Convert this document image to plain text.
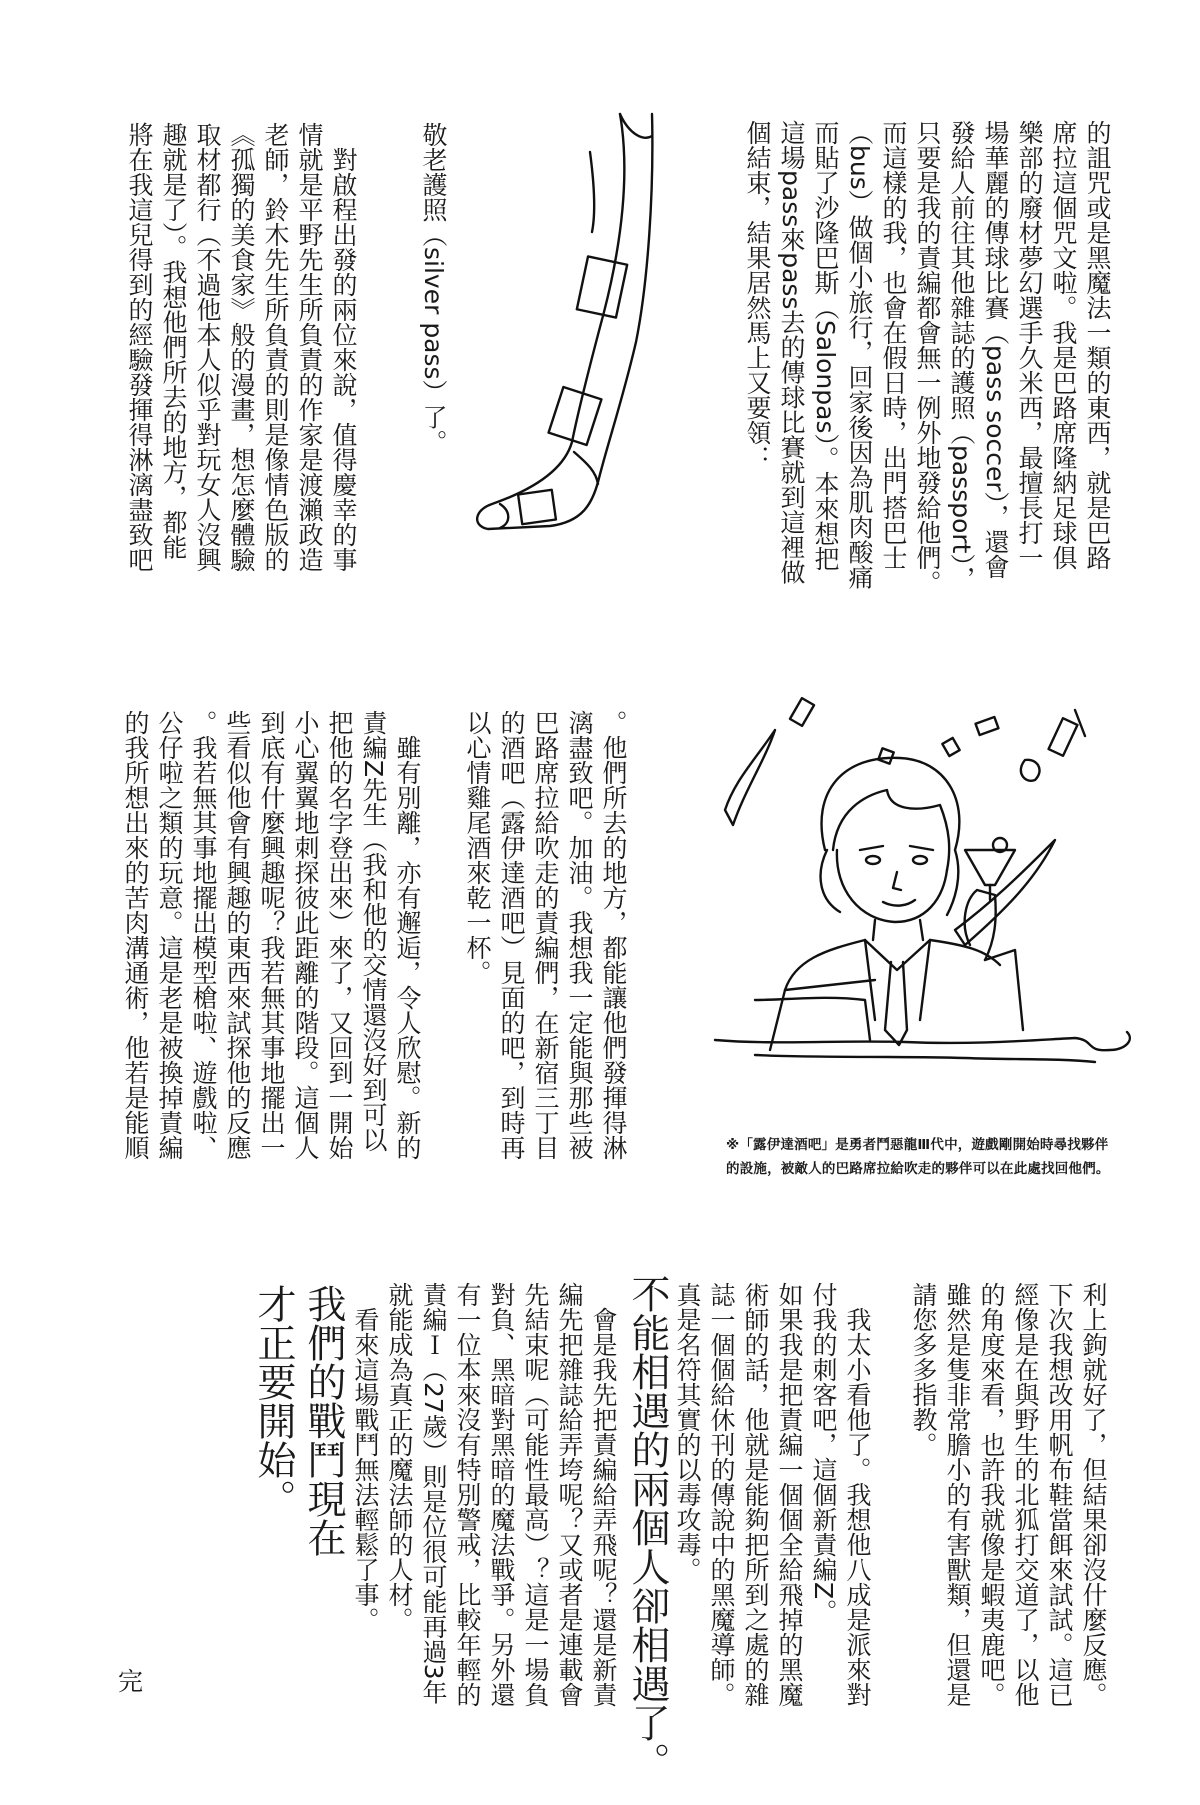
的詛咒或是黑魔法一類的東西，就是巴路
席拉這個咒文啦。我是巴路席隆納足球俱
樂部的廢材夢幻選手久米西，最擅長打一
場華麗的傳球比賽（pass soccer），還會
發給人前往其他雜誌的護照（passport），
只要是我的責編都會無一例外地發給他們。
而這樣的我，也會在假日時，出門搭巴士
（bus）做個小旅行，回家後因為肌肉酸痛
而貼了沙隆巴斯（Salonpas）。本來想把
這場pass來pass去的傳球比賽就到這裡做
個結束，結果居然馬上又要領：
敬老護照（silver pass）了。
　對啟程出發的兩位來說，值得慶幸的事
情就是平野先生所負責的作家是渡瀨政造
老師，鈴木先生所負責的則是像情色版的
《孤獨的美食家》般的漫畫，想怎麼體驗
取材都行（不過他本人似乎對玩女人沒興
趣就是了）。我想他們所去的地方，都能
將在我這兒得到的經驗發揮得淋漓盡致吧
。他們所去的地方，都能讓他們發揮得淋
漓盡致吧。加油。我想我一定能與那些被
巴路席拉給吹走的責編們，在新宿三丁目
的酒吧（露伊達酒吧）見面的吧，到時再
以心情雞尾酒來乾一杯。
　雖有別離，亦有邂逅，令人欣慰。新的
責編Z先生（我和他的交情還沒好到可以
把他的名字登出來）來了，又回到一開始
小心翼翼地刺探彼此距離的階段。這個人
到底有什麼興趣呢？我若無其事地擺出一
些看似他會有興趣的東西來試探他的反應
。我若無其事地擺出模型槍啦、遊戲啦、
公仔啦之類的玩意。這是老是被換掉責編
的我所想出來的苦肉溝通術，他若是能順
利上鉤就好了，但結果卻沒什麼反應。
下次我想改用帆布鞋當餌來試試。這已
經像是在與野生的北狐打交道了，以他
的角度來看，也許我就像是蝦夷鹿吧。
雖然是隻非常膽小的有害獸類，但還是
請您多多指教。
　我太小看他了。我想他八成是派來對
付我的刺客吧，這個新責編Z。
如果我是把責編一個個全給飛掉的黑魔
術師的話，他就是能夠把所到之處的雜
誌一個個給休刊的傳說中的黑魔導師。
真是名符其實的以毒攻毒。
不能相遇的兩個人卻相遇了。
　會是我先把責編給弄飛呢？還是新責
編先把雜誌給弄垮呢？又或者是連載會
先結束呢（可能性最高）？這是一場負
對負、黑暗對黑暗的魔法戰爭。另外還
有一位本來沒有特別警戒，比較年輕的
責編Ｉ（27歲）則是位很可能再過3年
就能成為真正的魔法師的人材。
　看來這場戰鬥無法輕鬆了事。
我們的戰鬥現在
才正要開始。
完
※「露伊達酒吧」是勇者鬥惡龍Ⅲ代中，遊戲剛開始時尋找夥伴
的設施，被敵人的巴路席拉給吹走的夥伴可以在此處找回他們。
